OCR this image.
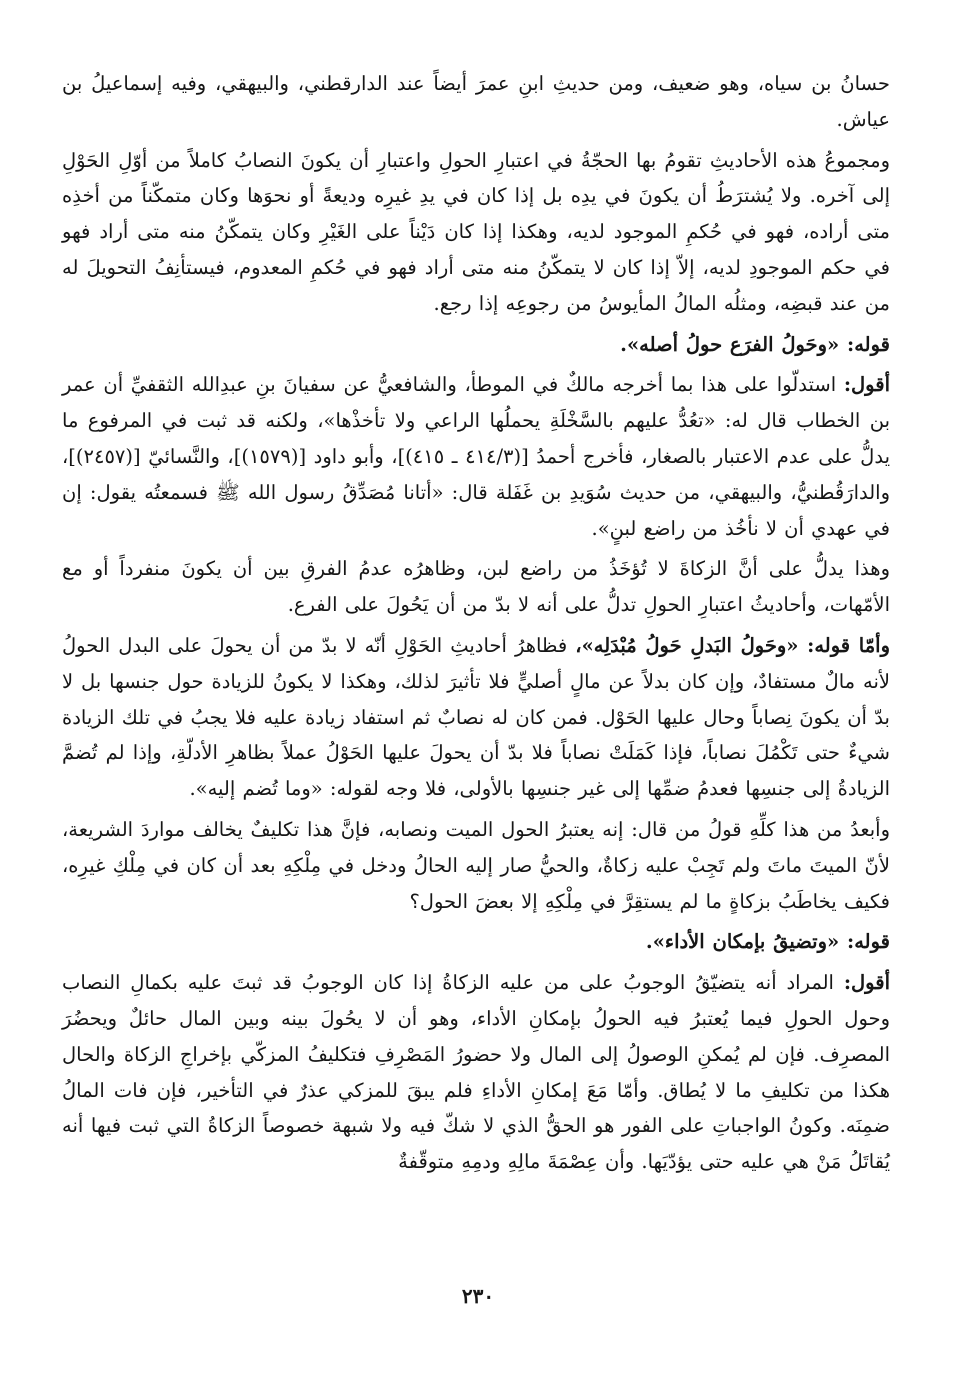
حسانُ بن سياه، وهو ضعيف، ومن حديثِ ابنِ عمرَ أيضاً عند الدارقطني، والبيهقي، وفيه إسماعيلُ بن عياش.

ومجموعُ هذه الأحاديثِ تقومُ بها الحجّةُ في اعتبارِ الحولِ واعتبارِ أن يكونَ النصابُ كاملاً من أوّلِ الحَوْلِ إلى آخره. ولا يُشترَطُ أن يكونَ في يدِه بل إذا كان في يدِ غيرِه وديعةً أو نحوَها وكان متمكّناً من أخذِه متى أراده، فهو في حُكمِ الموجود لديه، وهكذا إذا كان دَيْناً على الغَيْرِ وكان يتمكّنُ منه متى أراد فهو في حكم الموجودِ لديه، إلاّ إذا كان لا يتمكّنُ منه متى أراد فهو في حُكمِ المعدوم، فيستأنِفُ التحويلَ له من عند قبضِه، ومثلُه المالُ المأيوسُ من رجوعِه إذا رجع.

قوله: «وحَولُ الفرَع حولُ أصله».

أقول: استدلّوا على هذا بما أخرجه مالكٌ في الموطأ، والشافعيُّ عن سفيانَ بنِ عبدِالله الثقفيِّ أن عمر بن الخطاب قال له: «تعُدُّ عليهم بالسَّخْلَةِ يحملُها الراعي ولا تأخذْها»، ولكنه قد ثبت في المرفوع ما يدلُّ على عدم الاعتبار بالصغار، فأخرج أحمدُ [(٤١٤/٣ ـ ٤١٥)]، وأبو داود [(١٥٧٩)]، والنَّسائيّ [(٢٤٥٧)]، والدارَقُطنيُّ، والبيهقي، من حديث سُوَيدِ بن غَفَلة قال: «أتانا مُصَدِّقُ رسول الله ﷺ فسمعتُه يقول: إن في عهدي أن لا نأخُذ من راضع لبنٍ».

وهذا يدلُّ على أنَّ الزكاةَ لا تُؤخَذُ من راضع لبن، وظاهرُه عدمُ الفرقِ بين أن يكونَ منفرداً أو مع الأمّهات، وأحاديثُ اعتبارِ الحولِ تدلُّ على أنه لا بدّ من أن يَحُولَ على الفرع.

وأمّا قوله: «وحَولُ البَدلِ حَولُ مُبْدَلِه»، فظاهرُ أحاديثِ الحَوْلِ أنّه لا بدّ من أن يحولَ على البدل الحولُ لأنه مالٌ مستفادٌ، وإن كان بدلاً عن مالٍ أصليٍّ فلا تأثيرَ لذلك، وهكذا لا يكونُ للزيادة حول جنسها بل لا بدّ أن يكونَ نِصاباً وحال عليها الحَوْل. فمن كان له نصابٌ ثم استفاد زيادة عليه فلا يجبُ في تلك الزيادة شيءٌ حتى تَكْمُلَ نصاباً، فإذا كَمَلَتْ نصاباً فلا بدّ أن يحولَ عليها الحَوْلُ عملاً بظاهرِ الأدلّةِ، وإذا لم تُضمَّ الزيادةُ إلى جنسِها فعدمُ ضمِّها إلى غير جنسِها بالأولى، فلا وجه لقوله: «وما تُضم إليه».

وأبعدُ من هذا كلِّهِ قولُ من قال: إنه يعتبرُ الحول الميت ونصابه، فإنَّ هذا تكليفٌ يخالف مواردَ الشريعة، لأنّ الميتَ ماتَ ولم تَجِبْ عليه زكاةٌ، والحيُّ صار إليه الحالُ ودخل في مِلْكِهِ بعد أن كان في مِلْكِ غيرِه، فكيف يخاطَبُ بزكاةٍ ما لم يستقِرَّ في مِلْكِهِ إلا بعضَ الحول؟

قوله: «وتضيقُ بإمكان الأداء».

أقول: المراد أنه يتضيّقُ الوجوبُ على من عليه الزكاةُ إذا كان الوجوبُ قد ثبتَ عليه بكمالِ النصاب وحول الحولِ فيما يُعتبرُ فيه الحولُ بإمكانِ الأداء، وهو أن لا يحُولَ بينه وبين المال حائلٌ ويحضُرَ المصرِف. فإن لم يُمكنِ الوصولُ إلى المال ولا حضورُ المَصْرِفِ فتكليفُ المزكّي بإخراجِ الزكاة والحال هكذا من تكليفِ ما لا يُطاق. وأمّا مَعَ إمكانِ الأداءِ فلم يبقَ للمزكي عذرٌ في التأخير، فإن فات المالُ ضمِنَه. وكونُ الواجباتِ على الفور هو الحقُّ الذي لا شكّ فيه ولا شبهة خصوصاً الزكاةُ التي ثبت فيها أنه يُقاتَلُ مَنْ هي عليه حتى يؤدّيَها. وأن عِصْمَةَ مالِهِ ودمِهِ متوقّفةٌ

٢٣٠
